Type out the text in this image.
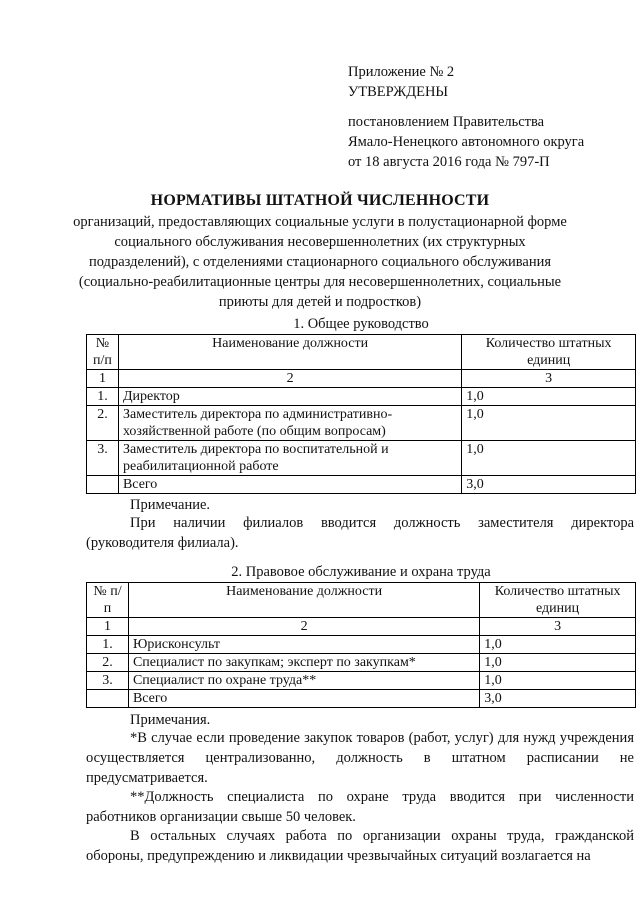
Приложение № 2
УТВЕРЖДЕНЫ
постановлением Правительства
Ямало-Ненецкого автономного округа
от 18 августа 2016 года № 797-П
НОРМАТИВЫ ШТАТНОЙ ЧИСЛЕННОСТИ
организаций, предоставляющих социальные услуги в полустационарной форме социального обслуживания несовершеннолетних (их структурных подразделений), с отделениями стационарного социального обслуживания (социально-реабилитационные центры для несовершеннолетних, социальные приюты для детей и подростков)
1. Общее руководство
№ п/п	Наименование должности	Количество штатных единиц
1	2	3
1.	Директор	1,0
2.	Заместитель директора по административно-хозяйственной работе (по общим вопросам)	1,0
3.	Заместитель директора по воспитательной и реабилитационной работе	1,0
	Всего	3,0
Примечание.
При наличии филиалов вводится должность заместителя директора (руководителя филиала).
2. Правовое обслуживание и охрана труда
№ п/п	Наименование должности	Количество штатных единиц
1	2	3
1.	Юрисконсульт	1,0
2.	Специалист по закупкам; эксперт по закупкам*	1,0
3.	Специалист по охране труда**	1,0
	Всего	3,0
Примечания.
*В случае если проведение закупок товаров (работ, услуг) для нужд учреждения осуществляется централизованно, должность в штатном расписании не предусматривается.
**Должность специалиста по охране труда вводится при численности работников организации свыше 50 человек.
В остальных случаях работа по организации охраны труда, гражданской обороны, предупреждению и ликвидации чрезвычайных ситуаций возлагается на
